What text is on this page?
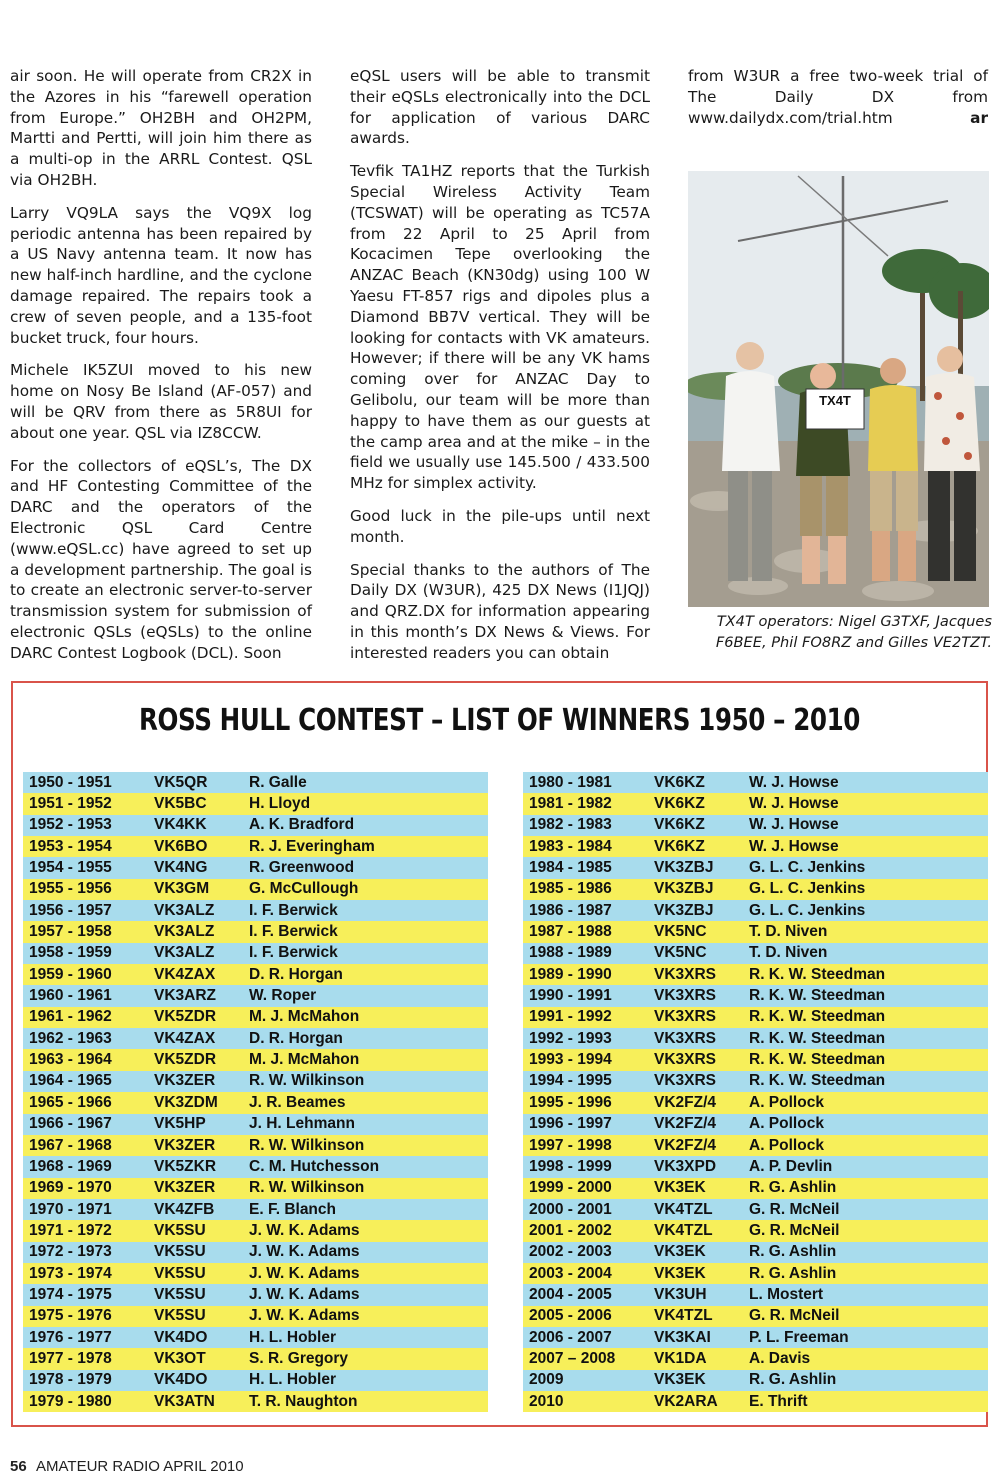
air soon. He will operate from CR2X in the Azores in his “farewell operation from Europe.” OH2BH and OH2PM, Martti and Pertti, will join him there as a multi-op in the ARRL Contest. QSL via OH2BH.

Larry VQ9LA says the VQ9X log periodic antenna has been repaired by a US Navy antenna team. It now has new half-inch hardline, and the cyclone damage repaired. The repairs took a crew of seven people, and a 135-foot bucket truck, four hours.

Michele IK5ZUI moved to his new home on Nosy Be Island (AF-057) and will be QRV from there as 5R8UI for about one year. QSL via IZ8CCW.

For the collectors of eQSL’s, The DX and HF Contesting Committee of the DARC and the operators of the Electronic QSL Card Centre (www.eQSL.cc) have agreed to set up a development partnership. The goal is to create an electronic server-to-server transmission system for submission of electronic QSLs (eQSLs) to the online DARC Contest Logbook (DCL). Soon

eQSL users will be able to transmit their eQSLs electronically into the DCL for application of various DARC awards.

Tevfik TA1HZ reports that the Turkish Special Wireless Activity Team (TCSWAT) will be operating as TC57A from 22 April to 25 April from Kocacimen Tepe overlooking the ANZAC Beach (KN30dg) using 100 W Yaesu FT-857 rigs and dipoles plus a Diamond BB7V vertical. They will be looking for contacts with VK amateurs. However; if there will be any VK hams coming over for ANZAC Day to Gelibolu, our team will be more than happy to have them as our guests at the camp area and at the mike – in the field we usually use 145.500 / 433.500 MHz for simplex activity.

Good luck in the pile-ups until next month.

Special thanks to the authors of The Daily DX (W3UR), 425 DX News (I1JQJ) and QRZ.DX for information appearing in this month’s DX News & Views. For interested readers you can obtain

from W3UR a free two-week trial of The Daily DX from www.dailydx.com/trial.htm	ar

TX4T
TX4T operators: Nigel G3TXF, Jacques F6BEE, Phil FO8RZ and Gilles VE2TZT.
ROSS HULL CONTEST – LIST OF WINNERS 1950 – 2010
1950 - 1951	VK5QR	R. Galle
1951 - 1952	VK5BC	H. Lloyd
1952 - 1953	VK4KK	A. K. Bradford
1953 - 1954	VK6BO	R. J. Everingham
1954 - 1955	VK4NG	R. Greenwood
1955 - 1956	VK3GM	G. McCullough
1956 - 1957	VK3ALZ	I. F. Berwick
1957 - 1958	VK3ALZ	I. F. Berwick
1958 - 1959	VK3ALZ	I. F. Berwick
1959 - 1960	VK4ZAX	D. R. Horgan
1960 - 1961	VK3ARZ	W. Roper
1961 - 1962	VK5ZDR	M. J. McMahon
1962 - 1963	VK4ZAX	D. R. Horgan
1963 - 1964	VK5ZDR	M. J. McMahon
1964 - 1965	VK3ZER	R. W. Wilkinson
1965 - 1966	VK3ZDM	J. R. Beames
1966 - 1967	VK5HP	J. H. Lehmann
1967 - 1968	VK3ZER	R. W. Wilkinson
1968 - 1969	VK5ZKR	C. M. Hutchesson
1969 - 1970	VK3ZER	R. W. Wilkinson
1970 - 1971	VK4ZFB	E. F. Blanch
1971 - 1972	VK5SU	J. W. K. Adams
1972 - 1973	VK5SU	J. W. K. Adams
1973 - 1974	VK5SU	J. W. K. Adams
1974 - 1975	VK5SU	J. W. K. Adams
1975 - 1976	VK5SU	J. W. K. Adams
1976 - 1977	VK4DO	H. L. Hobler
1977 - 1978	VK3OT	S. R. Gregory
1978 - 1979	VK4DO	H. L. Hobler
1979 - 1980	VK3ATN	T. R. Naughton
1980 - 1981	VK6KZ	W. J. Howse
1981 - 1982	VK6KZ	W. J. Howse
1982 - 1983	VK6KZ	W. J. Howse
1983 - 1984	VK6KZ	W. J. Howse
1984 - 1985	VK3ZBJ	G. L. C. Jenkins
1985 - 1986	VK3ZBJ	G. L. C. Jenkins
1986 - 1987	VK3ZBJ	G. L. C. Jenkins
1987 - 1988	VK5NC	T. D. Niven
1988 - 1989	VK5NC	T. D. Niven
1989 - 1990	VK3XRS	R. K. W. Steedman
1990 - 1991	VK3XRS	R. K. W. Steedman
1991 - 1992	VK3XRS	R. K. W. Steedman
1992 - 1993	VK3XRS	R. K. W. Steedman
1993 - 1994	VK3XRS	R. K. W. Steedman
1994 - 1995	VK3XRS	R. K. W. Steedman
1995 - 1996	VK2FZ/4	A. Pollock
1996 - 1997	VK2FZ/4	A. Pollock
1997 - 1998	VK2FZ/4	A. Pollock
1998 - 1999	VK3XPD	A. P. Devlin
1999 - 2000	VK3EK	R. G. Ashlin
2000 - 2001	VK4TZL	G. R. McNeil
2001 - 2002	VK4TZL	G. R. McNeil
2002 - 2003	VK3EK	R. G. Ashlin
2003 - 2004	VK3EK	R. G. Ashlin
2004 - 2005	VK3UH	L. Mostert
2005 - 2006	VK4TZL	G. R. McNeil
2006 - 2007	VK3KAI	P. L. Freeman
2007 – 2008	VK1DA	A. Davis
2009	VK3EK	R. G. Ashlin
2010	VK2ARA	E. Thrift
56 AMATEUR RADIO APRIL 2010
